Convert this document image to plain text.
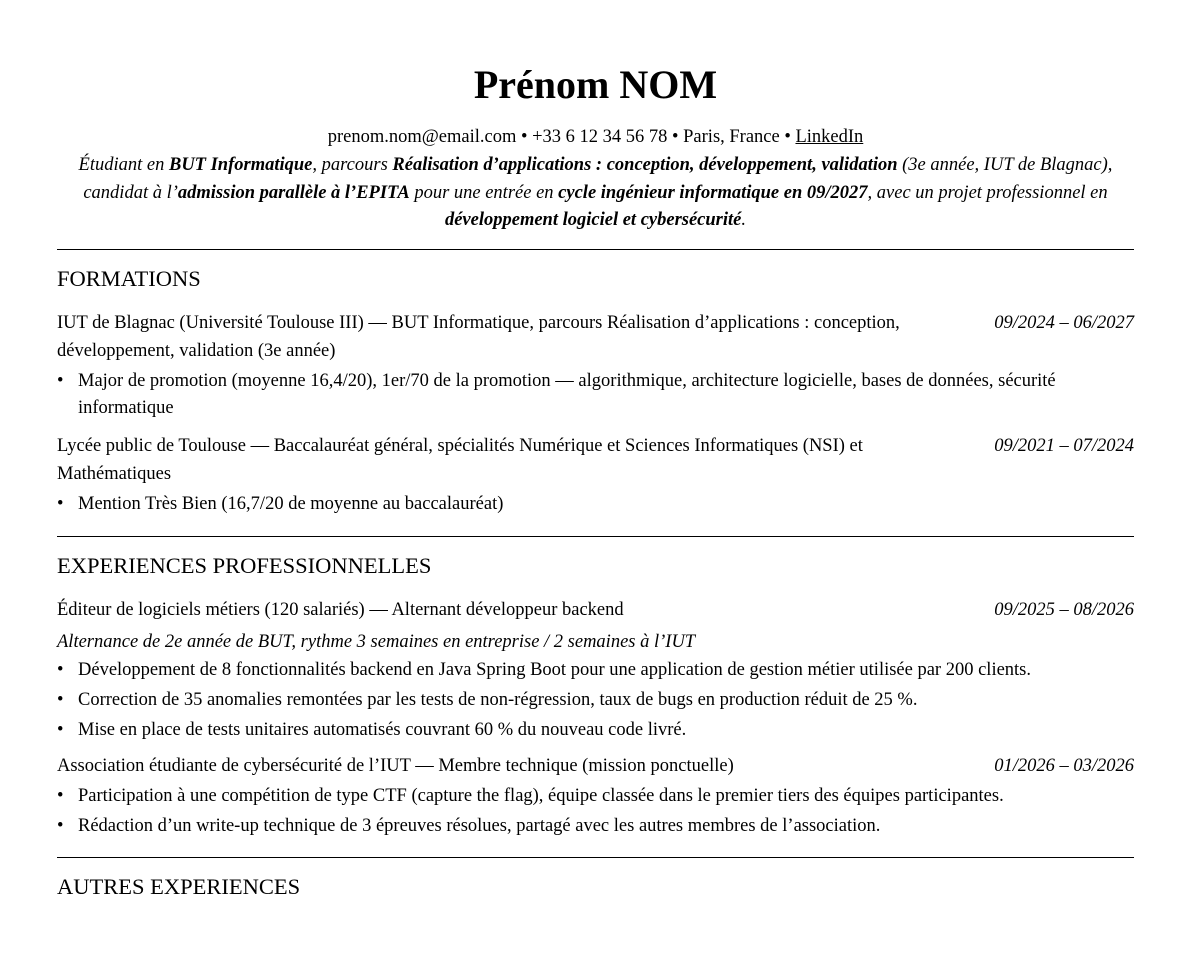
Prénom NOM
prenom.nom@email.com • +33 6 12 34 56 78 • Paris, France • LinkedIn

Étudiant en BUT Informatique, parcours Réalisation d’applications : conception, développement, validation (3e année, IUT de Blagnac), candidat à l’admission parallèle à l’EPITA pour une entrée en cycle ingénieur informatique en 09/2027, avec un projet professionnel en développement logiciel et cybersécurité.

FORMATIONS
IUT de Blagnac (Université Toulouse III) — BUT Informatique, parcours Réalisation d’applications : conception, développement, validation (3e année)
09/2024 – 06/2027
• Major de promotion (moyenne 16,4/20), 1er/70 de la promotion — algorithmique, architecture logicielle, bases de données, sécurité informatique
Lycée public de Toulouse — Baccalauréat général, spécialités Numérique et Sciences Informatiques (NSI) et Mathématiques
09/2021 – 07/2024
• Mention Très Bien (16,7/20 de moyenne au baccalauréat)
EXPERIENCES PROFESSIONNELLES
Éditeur de logiciels métiers (120 salariés) — Alternant développeur backend	09/2025 – 08/2026
Alternance de 2e année de BUT, rythme 3 semaines en entreprise / 2 semaines à l’IUT
• Développement de 8 fonctionnalités backend en Java Spring Boot pour une application de gestion métier utilisée par 200 clients.
• Correction de 35 anomalies remontées par les tests de non-régression, taux de bugs en production réduit de 25 %.
• Mise en place de tests unitaires automatisés couvrant 60 % du nouveau code livré.
Association étudiante de cybersécurité de l’IUT — Membre technique (mission ponctuelle)	01/2026 – 03/2026
• Participation à une compétition de type CTF (capture the flag), équipe classée dans le premier tiers des équipes participantes.
• Rédaction d’un write-up technique de 3 épreuves résolues, partagé avec les autres membres de l’association.
AUTRES EXPERIENCES
